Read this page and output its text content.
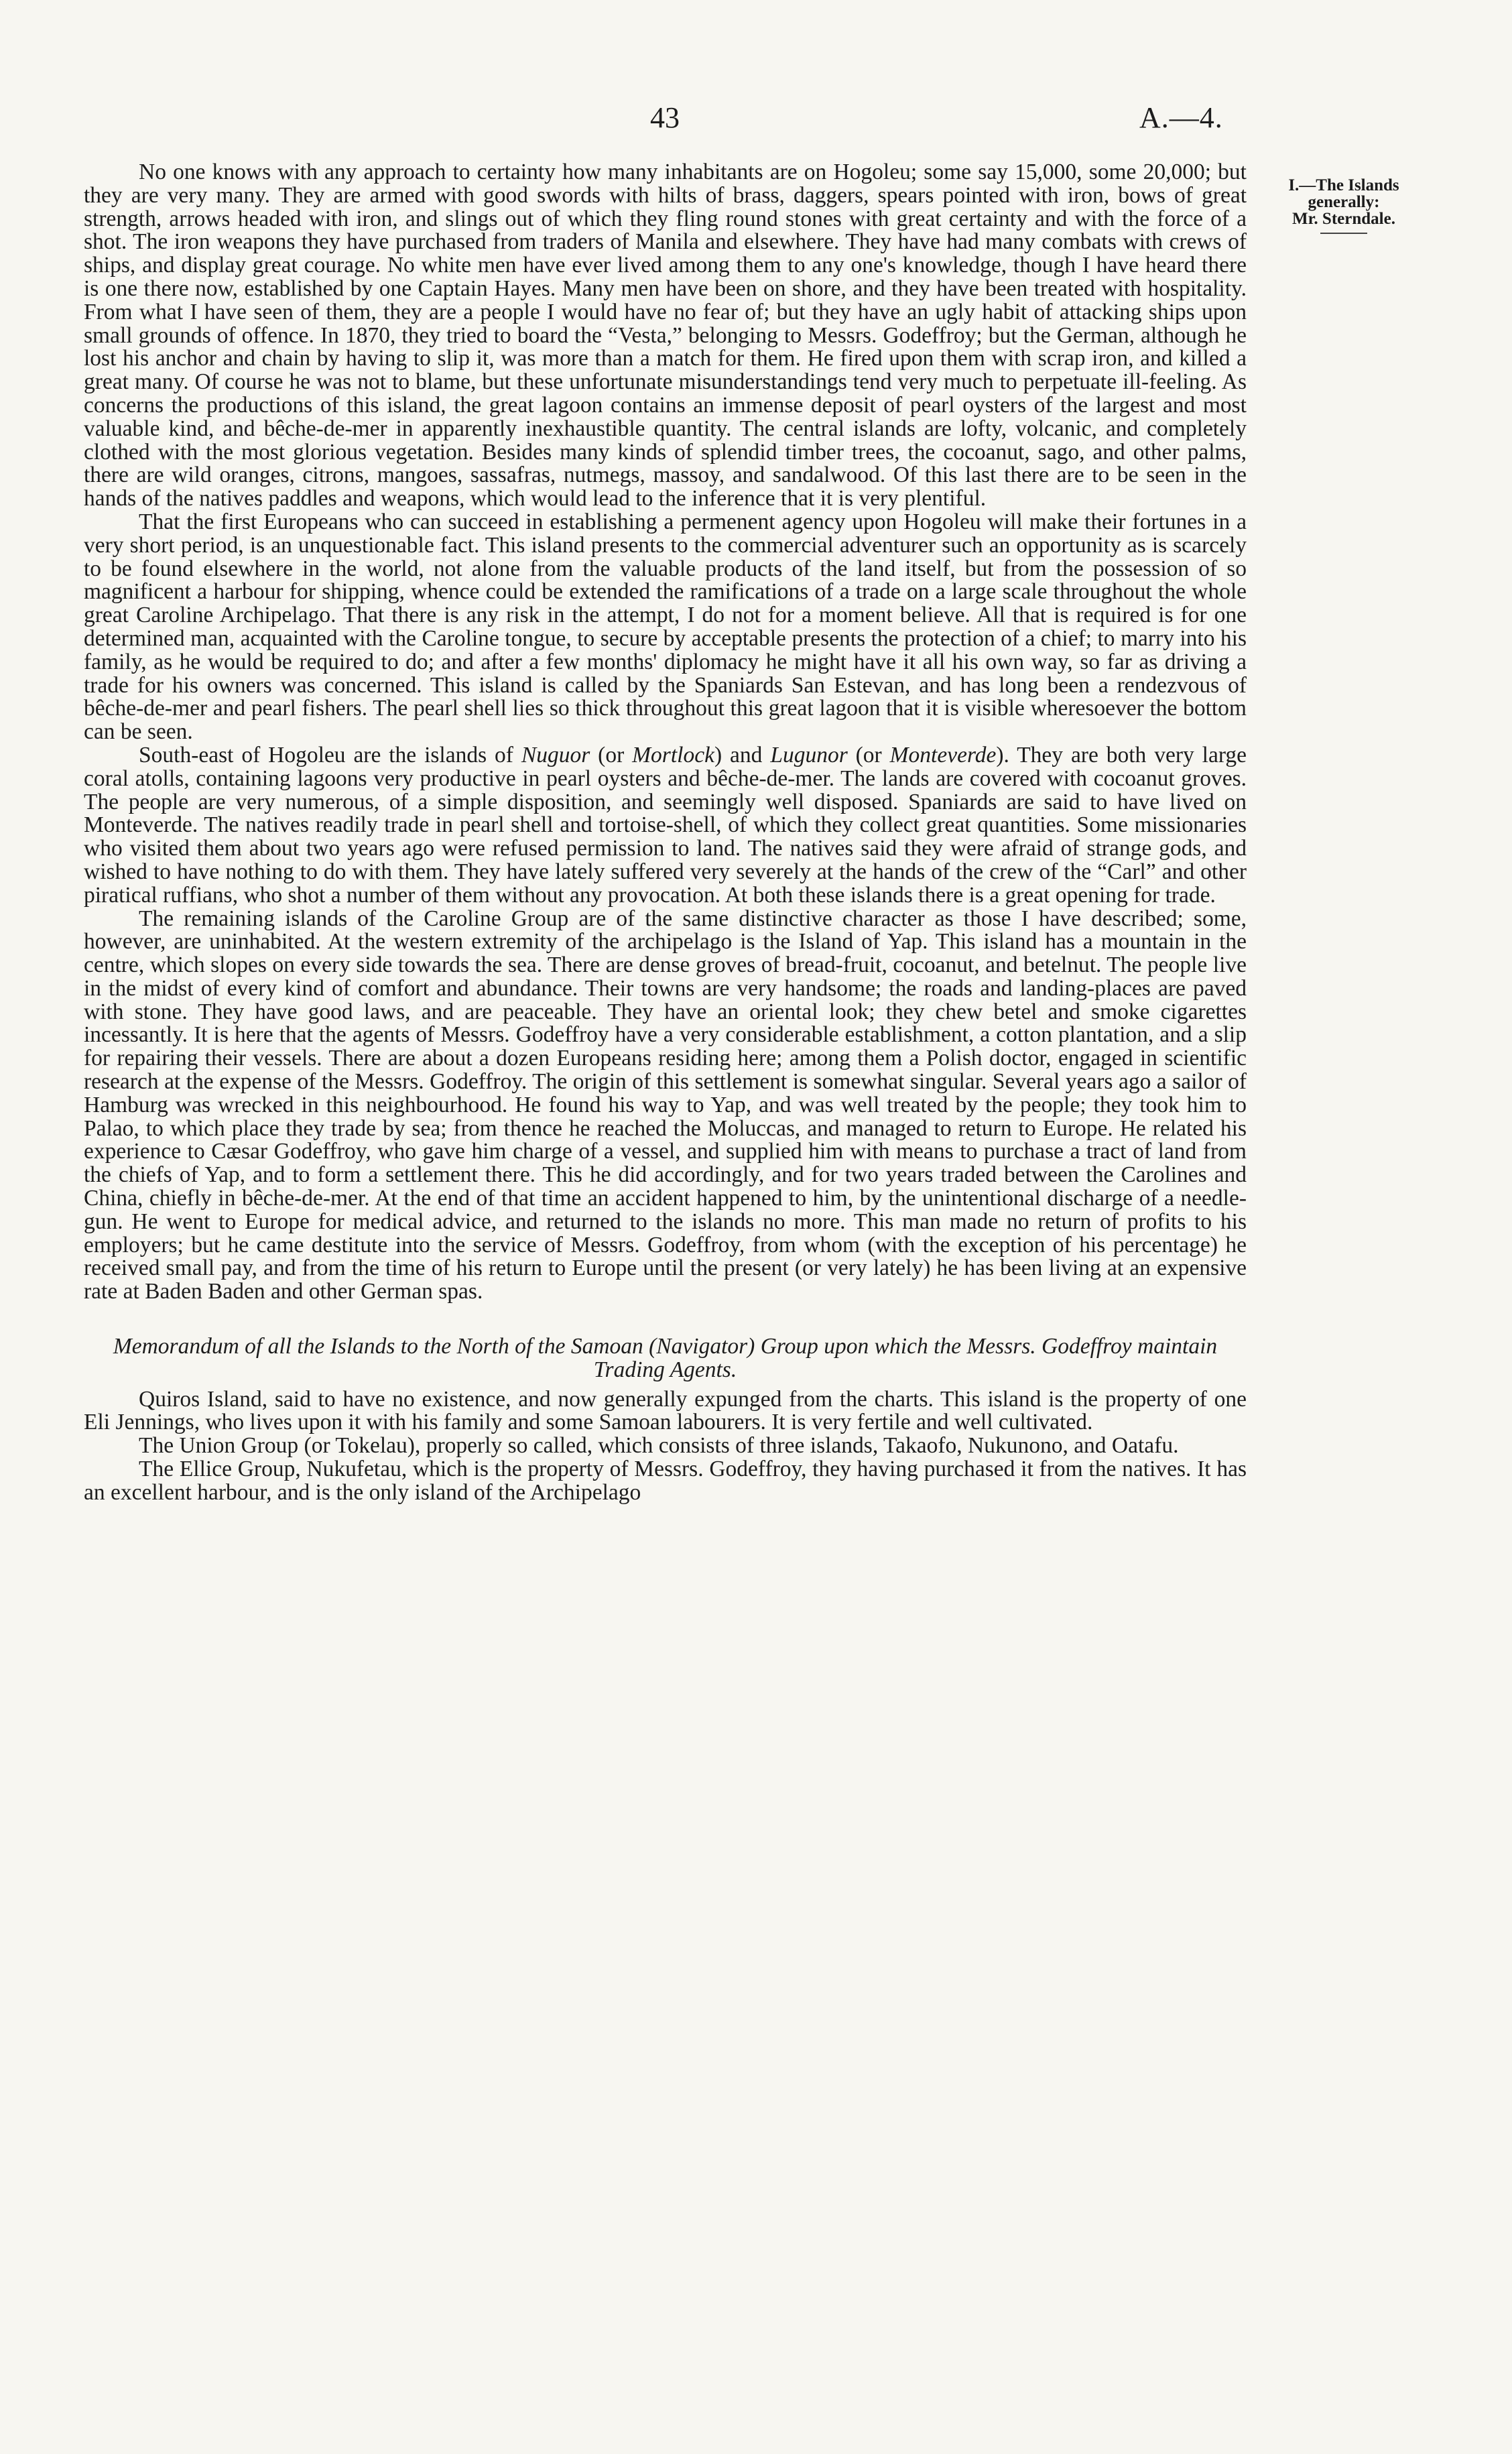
43	A.—4.
I.—The Islands
generally:
Mr. Sterndale.

No one knows with any approach to certainty how many inhabitants are on Hogoleu; some say 15,000, some 20,000; but they are very many. They are armed with good swords with hilts of brass, daggers, spears pointed with iron, bows of great strength, arrows headed with iron, and slings out of which they fling round stones with great certainty and with the force of a shot. The iron weapons they have purchased from traders of Manila and elsewhere. They have had many combats with crews of ships, and display great courage. No white men have ever lived among them to any one's knowledge, though I have heard there is one there now, established by one Captain Hayes. Many men have been on shore, and they have been treated with hospitality. From what I have seen of them, they are a people I would have no fear of; but they have an ugly habit of attacking ships upon small grounds of offence. In 1870, they tried to board the “Vesta,” belonging to Messrs. Godeffroy; but the German, although he lost his anchor and chain by having to slip it, was more than a match for them. He fired upon them with scrap iron, and killed a great many. Of course he was not to blame, but these unfortunate misunderstandings tend very much to perpetuate ill-feeling. As concerns the productions of this island, the great lagoon contains an immense deposit of pearl oysters of the largest and most valuable kind, and bêche-de-mer in apparently inexhaustible quantity. The central islands are lofty, volcanic, and completely clothed with the most glorious vegetation. Besides many kinds of splendid timber trees, the cocoanut, sago, and other palms, there are wild oranges, citrons, mangoes, sassafras, nutmegs, massoy, and sandalwood. Of this last there are to be seen in the hands of the natives paddles and weapons, which would lead to the inference that it is very plentiful.

That the first Europeans who can succeed in establishing a permenent agency upon Hogoleu will make their fortunes in a very short period, is an unquestionable fact. This island presents to the commercial adventurer such an opportunity as is scarcely to be found elsewhere in the world, not alone from the valuable products of the land itself, but from the possession of so magnificent a harbour for shipping, whence could be extended the ramifications of a trade on a large scale throughout the whole great Caroline Archipelago. That there is any risk in the attempt, I do not for a moment believe. All that is required is for one determined man, acquainted with the Caroline tongue, to secure by acceptable presents the protection of a chief; to marry into his family, as he would be required to do; and after a few months' diplomacy he might have it all his own way, so far as driving a trade for his owners was concerned. This island is called by the Spaniards San Estevan, and has long been a rendezvous of bêche-de-mer and pearl fishers. The pearl shell lies so thick throughout this great lagoon that it is visible wheresoever the bottom can be seen.

South-east of Hogoleu are the islands of Nuguor (or Mortlock) and Lugunor (or Monteverde). They are both very large coral atolls, containing lagoons very productive in pearl oysters and bêche-de-mer. The lands are covered with cocoanut groves. The people are very numerous, of a simple disposition, and seemingly well disposed. Spaniards are said to have lived on Monteverde. The natives readily trade in pearl shell and tortoise-shell, of which they collect great quantities. Some missionaries who visited them about two years ago were refused permission to land. The natives said they were afraid of strange gods, and wished to have nothing to do with them. They have lately suffered very severely at the hands of the crew of the “Carl” and other piratical ruffians, who shot a number of them without any provocation. At both these islands there is a great opening for trade.

The remaining islands of the Caroline Group are of the same distinctive character as those I have described; some, however, are uninhabited. At the western extremity of the archipelago is the Island of Yap. This island has a mountain in the centre, which slopes on every side towards the sea. There are dense groves of bread-fruit, cocoanut, and betelnut. The people live in the midst of every kind of comfort and abundance. Their towns are very handsome; the roads and landing-places are paved with stone. They have good laws, and are peaceable. They have an oriental look; they chew betel and smoke cigarettes incessantly. It is here that the agents of Messrs. Godeffroy have a very considerable establishment, a cotton plantation, and a slip for repairing their vessels. There are about a dozen Europeans residing here; among them a Polish doctor, engaged in scientific research at the expense of the Messrs. Godeffroy. The origin of this settlement is somewhat singular. Several years ago a sailor of Hamburg was wrecked in this neighbourhood. He found his way to Yap, and was well treated by the people; they took him to Palao, to which place they trade by sea; from thence he reached the Moluccas, and managed to return to Europe. He related his experience to Cæsar Godeffroy, who gave him charge of a vessel, and supplied him with means to purchase a tract of land from the chiefs of Yap, and to form a settlement there. This he did accordingly, and for two years traded between the Carolines and China, chiefly in bêche-de-mer. At the end of that time an accident happened to him, by the unintentional discharge of a needle-gun. He went to Europe for medical advice, and returned to the islands no more. This man made no return of profits to his employers; but he came destitute into the service of Messrs. Godeffroy, from whom (with the exception of his percentage) he received small pay, and from the time of his return to Europe until the present (or very lately) he has been living at an expensive rate at Baden Baden and other German spas.

Memorandum of all the Islands to the North of the Samoan (Navigator) Group upon which the Messrs. Godeffroy maintain Trading Agents.

Quiros Island, said to have no existence, and now generally expunged from the charts. This island is the property of one Eli Jennings, who lives upon it with his family and some Samoan labourers. It is very fertile and well cultivated.

The Union Group (or Tokelau), properly so called, which consists of three islands, Takaofo, Nukunono, and Oatafu.

The Ellice Group, Nukufetau, which is the property of Messrs. Godeffroy, they having purchased it from the natives. It has an excellent harbour, and is the only island of the Archipelago
